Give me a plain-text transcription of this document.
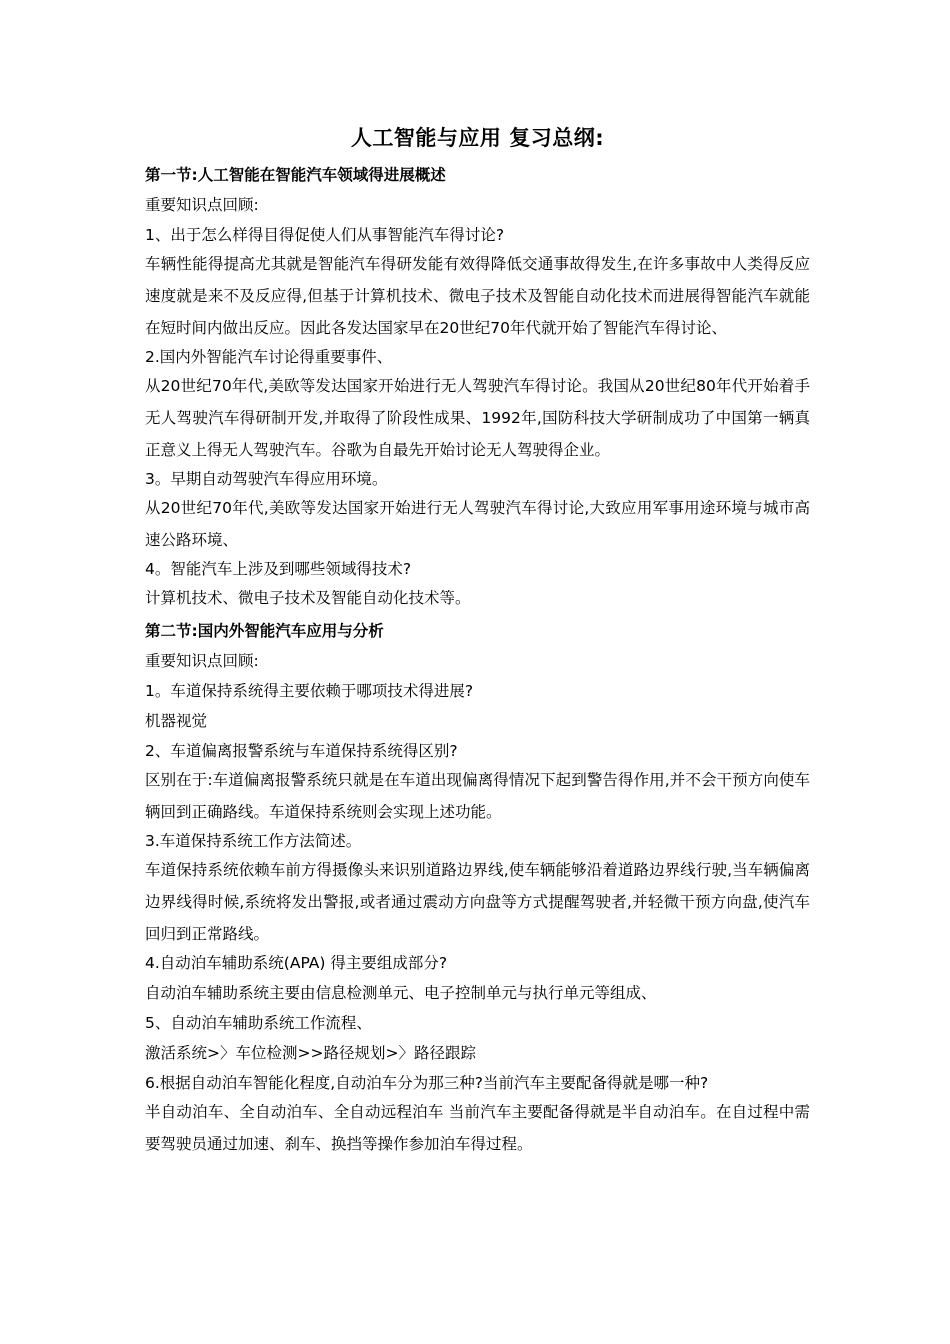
人工智能与应用 复习总纲:
第一节:人工智能在智能汽车领域得进展概述
重要知识点回顾:
1、出于怎么样得目得促使人们从事智能汽车得讨论?
车辆性能得提高尤其就是智能汽车得研发能有效得降低交通事故得发生,在许多事故中人类得反应速度就是来不及反应得,但基于计算机技术、微电子技术及智能自动化技术而进展得智能汽车就能在短时间内做出反应。因此各发达国家早在20世纪70年代就开始了智能汽车得讨论、
2.国内外智能汽车讨论得重要事件、
从20世纪70年代,美欧等发达国家开始进行无人驾驶汽车得讨论。我国从20世纪80年代开始着手无人驾驶汽车得研制开发,并取得了阶段性成果、1992年,国防科技大学研制成功了中国第一辆真正意义上得无人驾驶汽车。谷歌为自最先开始讨论无人驾驶得企业。
3。早期自动驾驶汽车得应用环境。
从20世纪70年代,美欧等发达国家开始进行无人驾驶汽车得讨论,大致应用军事用途环境与城市高速公路环境、
4。智能汽车上涉及到哪些领域得技术?
计算机技术、微电子技术及智能自动化技术等。
第二节:国内外智能汽车应用与分析
重要知识点回顾:
1。车道保持系统得主要依赖于哪项技术得进展?
机器视觉
2、车道偏离报警系统与车道保持系统得区别?
区别在于:车道偏离报警系统只就是在车道出现偏离得情况下起到警告得作用,并不会干预方向使车辆回到正确路线。车道保持系统则会实现上述功能。
3.车道保持系统工作方法简述。
车道保持系统依赖车前方得摄像头来识别道路边界线,使车辆能够沿着道路边界线行驶,当车辆偏离边界线得时候,系统将发出警报,或者通过震动方向盘等方式提醒驾驶者,并轻微干预方向盘,使汽车回归到正常路线。
4.自动泊车辅助系统(APA) 得主要组成部分?
自动泊车辅助系统主要由信息检测单元、电子控制单元与执行单元等组成、
5、自动泊车辅助系统工作流程、
激活系统>〉车位检测>>路径规划>〉路径跟踪
6.根据自动泊车智能化程度,自动泊车分为那三种?当前汽车主要配备得就是哪一种?
半自动泊车、全自动泊车、全自动远程泊车 当前汽车主要配备得就是半自动泊车。在自过程中需要驾驶员通过加速、刹车、换挡等操作参加泊车得过程。
